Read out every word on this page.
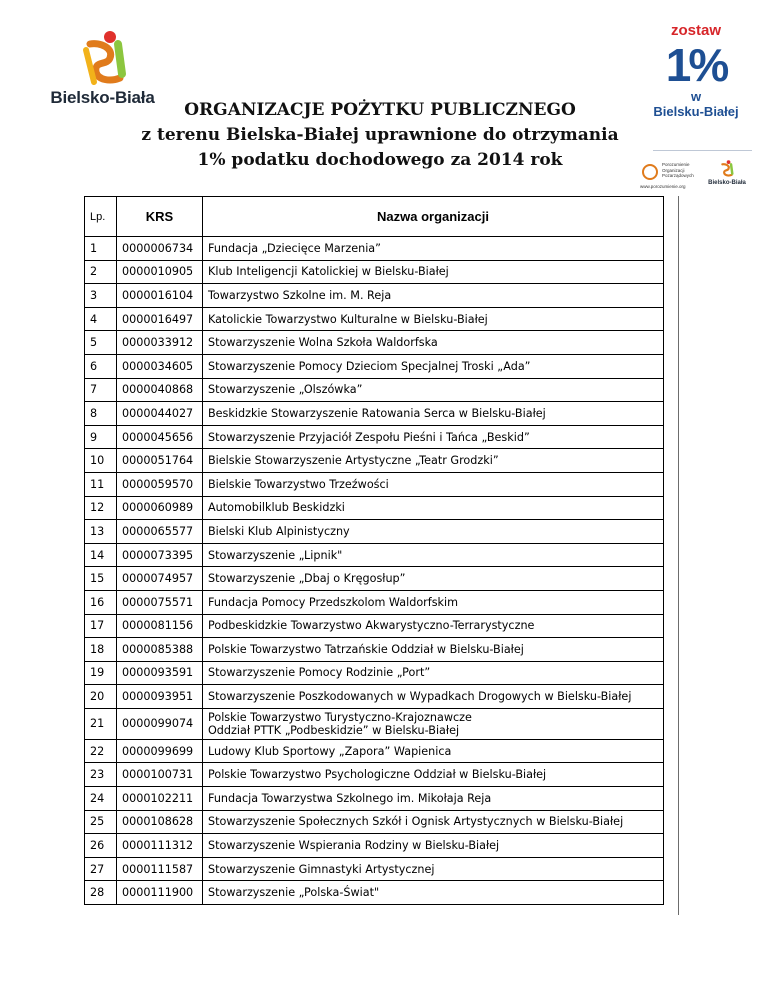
Bielsko-Biała
ORGANIZACJE POŻYTKU PUBLICZNEGO
z terenu Bielska-Białej uprawnione do otrzymania
1% podatku dochodowego za 2014 rok
zostaw
1%
w
Bielsku-Białej
Porozumienie Organizacji Pozarządowych
www.porozumienie.org
Bielsko-Biała
Lp.	KRS	Nazwa organizacji
1	0000006734	Fundacja „Dziecięce Marzenia”

2	0000010905	Klub Inteligencji Katolickiej w Bielsku-Białej

3	0000016104	Towarzystwo Szkolne im. M. Reja

4	0000016497	Katolickie Towarzystwo Kulturalne w Bielsku-Białej

5	0000033912	Stowarzyszenie Wolna Szkoła Waldorfska

6	0000034605	Stowarzyszenie Pomocy Dzieciom Specjalnej Troski „Ada”

7	0000040868	Stowarzyszenie „Olszówka”

8	0000044027	Beskidzkie Stowarzyszenie Ratowania Serca w Bielsku-Białej

9	0000045656	Stowarzyszenie Przyjaciół Zespołu Pieśni i Tańca „Beskid”

10	0000051764	Bielskie Stowarzyszenie Artystyczne „Teatr Grodzki”

11	0000059570	Bielskie Towarzystwo Trzeźwości

12	0000060989	Automobilklub Beskidzki

13	0000065577	Bielski Klub Alpinistyczny

14	0000073395	Stowarzyszenie „Lipnik"

15	0000074957	Stowarzyszenie „Dbaj o Kręgosłup”

16	0000075571	Fundacja Pomocy Przedszkolom Waldorfskim

17	0000081156	Podbeskidzkie Towarzystwo Akwarystyczno-Terrarystyczne

18	0000085388	Polskie Towarzystwo Tatrzańskie Oddział w Bielsku-Białej

19	0000093591	Stowarzyszenie Pomocy Rodzinie „Port”

20	0000093951	Stowarzyszenie Poszkodowanych w Wypadkach Drogowych w Bielsku-Białej

21	0000099074	Polskie Towarzystwo Turystyczno-Krajoznawcze
Oddział PTTK „Podbeskidzie” w Bielsku-Białej

22	0000099699	Ludowy Klub Sportowy „Zapora” Wapienica

23	0000100731	Polskie Towarzystwo Psychologiczne Oddział w Bielsku-Białej

24	0000102211	Fundacja Towarzystwa Szkolnego im. Mikołaja Reja

25	0000108628	Stowarzyszenie Społecznych Szkół i Ognisk Artystycznych w Bielsku-Białej

26	0000111312	Stowarzyszenie Wspierania Rodziny w Bielsku-Białej

27	0000111587	Stowarzyszenie Gimnastyki Artystycznej

28	0000111900	Stowarzyszenie „Polska-Świat"
